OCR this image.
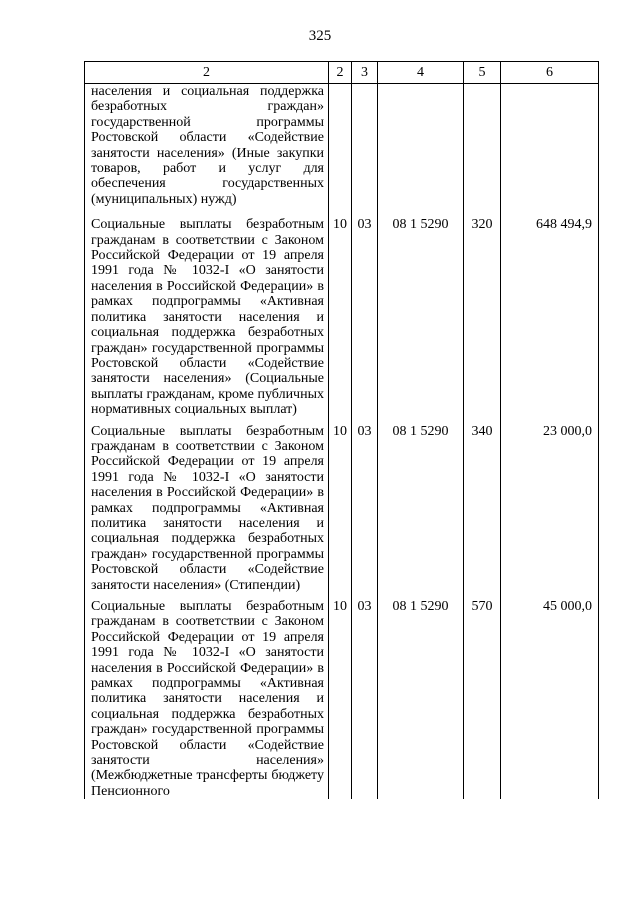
325
2	2	3	4	5	6
населения и социальная поддержка безработных граждан» государственной программы Ростовской области «Содействие занятости населения» (Иные закупки товаров, работ и услуг для обеспечения государственных (муниципальных) нужд)					
Социальные выплаты безработным гражданам в соответствии с Законом Российской Федерации от 19 апреля 1991 года № 1032-I «О занятости населения в Российской Федерации» в рамках подпрограммы «Активная политика занятости населения и социальная поддержка безработных граждан» государственной программы Ростовской области «Содействие занятости населения» (Социальные выплаты гражданам, кроме публичных нормативных социальных выплат)	10	03	08 1 5290	320	648 494,9
Социальные выплаты безработным гражданам в соответствии с Законом Российской Федерации от 19 апреля 1991 года № 1032-I «О занятости населения в Российской Федерации» в рамках подпрограммы «Активная политика занятости населения и социальная поддержка безработных граждан» государственной программы Ростовской области «Содействие занятости населения» (Стипендии)	10	03	08 1 5290	340	23 000,0
Социальные выплаты безработным гражданам в соответствии с Законом Российской Федерации от 19 апреля 1991 года № 1032-I «О занятости населения в Российской Федерации» в рамках подпрограммы «Активная политика занятости населения и социальная поддержка безработных граждан» государственной программы Ростовской области «Содействие занятости населения» (Межбюджетные трансферты бюджету Пенсионного	10	03	08 1 5290	570	45 000,0
